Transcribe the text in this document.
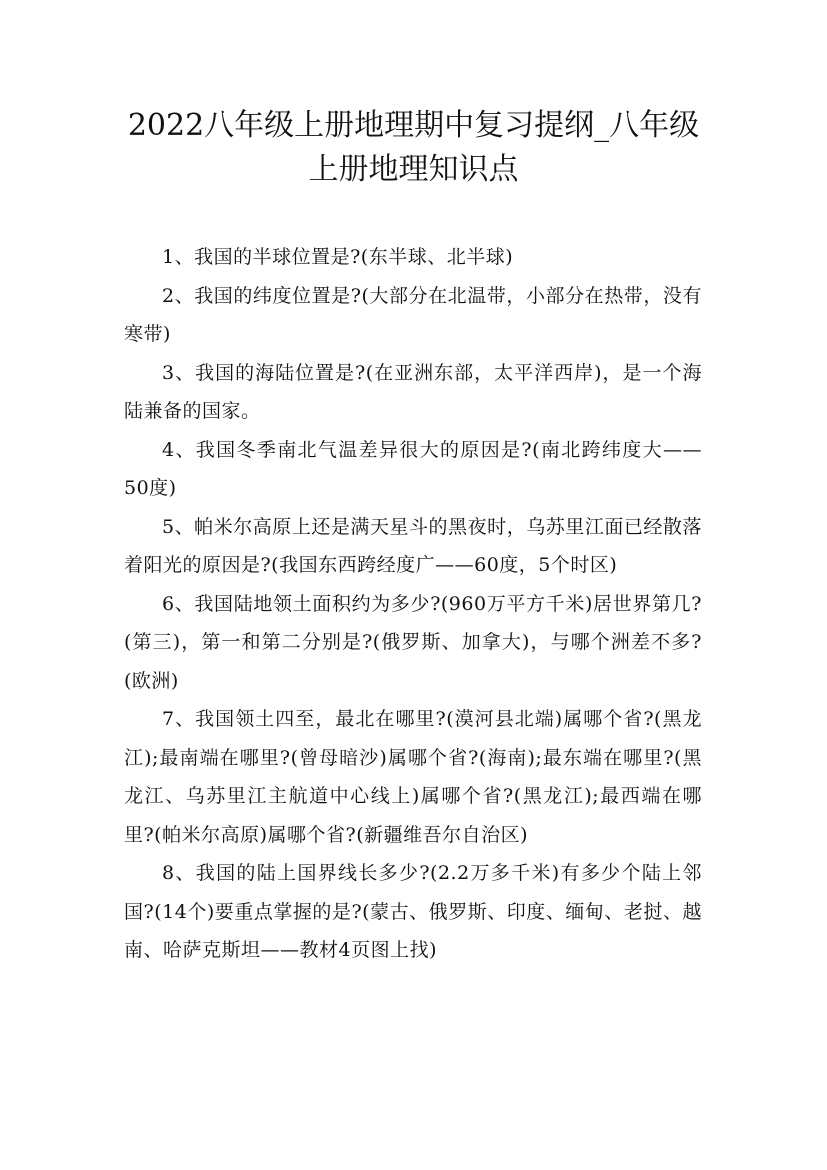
2022八年级上册地理期中复习提纲_八年级
上册地理知识点

1、我国的半球位置是?(东半球、北半球)

2、我国的纬度位置是?(大部分在北温带，小部分在热带，没有寒带)

3、我国的海陆位置是?(在亚洲东部，太平洋西岸)，是一个海陆兼备的国家。

4、我国冬季南北气温差异很大的原因是?(南北跨纬度大——50度)

5、帕米尔高原上还是满天星斗的黑夜时，乌苏里江面已经散落着阳光的原因是?(我国东西跨经度广——60度，5个时区)

6、我国陆地领土面积约为多少?(960万平方千米)居世界第几?(第三)，第一和第二分别是?(俄罗斯、加拿大)，与哪个洲差不多?(欧洲)

7、我国领土四至，最北在哪里?(漠河县北端)属哪个省?(黑龙江);最南端在哪里?(曾母暗沙)属哪个省?(海南);最东端在哪里?(黑龙江、乌苏里江主航道中心线上)属哪个省?(黑龙江);最西端在哪里?(帕米尔高原)属哪个省?(新疆维吾尔自治区)

8、我国的陆上国界线长多少?(2.2万多千米)有多少个陆上邻国?(14个)要重点掌握的是?(蒙古、俄罗斯、印度、缅甸、老挝、越南、哈萨克斯坦——教材4页图上找)
